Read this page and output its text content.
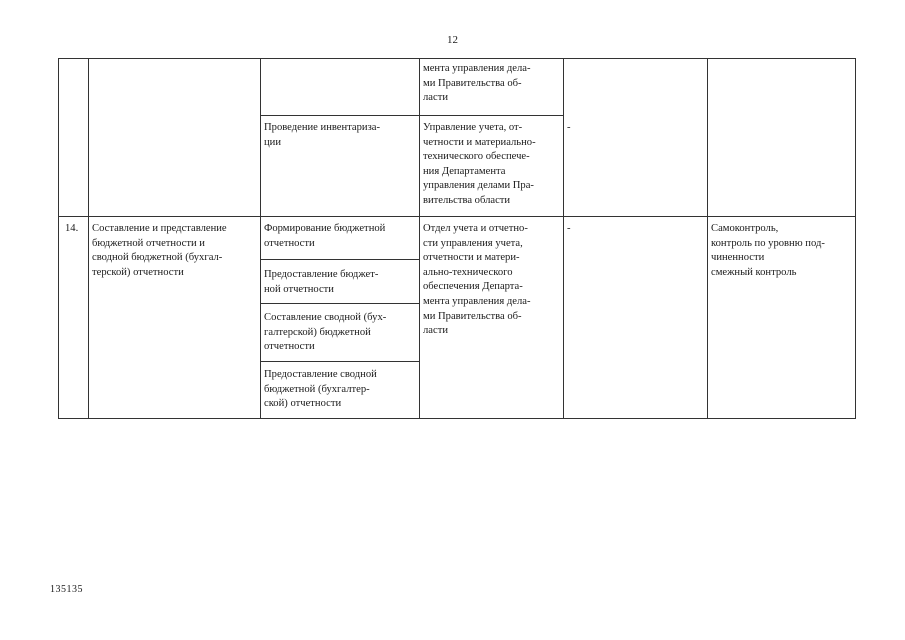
12
мента управления дела-
ми Правительства об-
ласти
Проведение инвентариза-
ции
Управление учета, от-
четности и материально-
технического обеспече-
ния Департамента
управления делами Пра-
вительства области
-
14. Составление и представление
бюджетной отчетности и
сводной бюджетной (бухгал-
терской) отчетности
Формирование бюджетной
отчетности
Предоставление бюджет-
ной отчетности
Составление сводной (бух-
галтерской) бюджетной
отчетности
Предоставление сводной
бюджетной (бухгалтер-
ской) отчетности
Отдел учета и отчетно-
сти управления учета,
отчетности и матери-
ально-технического
обеспечения Департа-
мента управления дела-
ми Правительства об-
ласти
-	Самоконтроль,
контроль по уровню под-
чиненности
смежный контроль
135135
